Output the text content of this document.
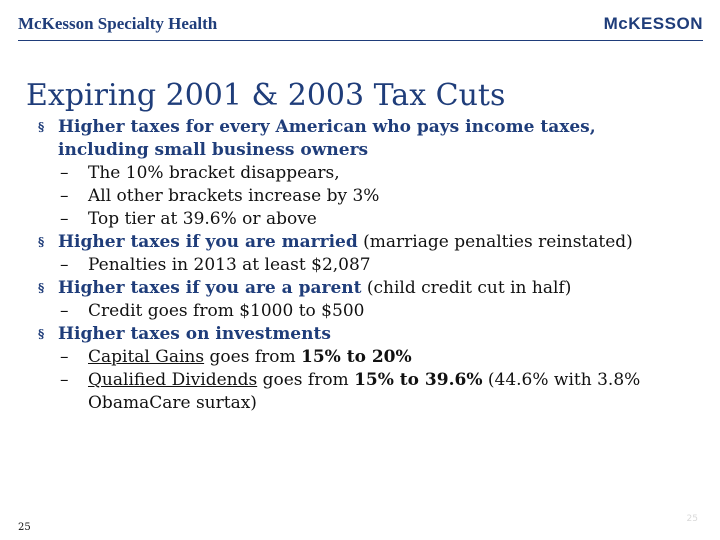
McKesson Specialty Health	McKESSON
Expiring 2001 & 2003 Tax Cuts
§ Higher taxes for every American who pays income taxes, including small business owners
– The 10% bracket disappears,
– All other brackets increase by 3%
– Top tier at 39.6% or above
§ Higher taxes if you are married (marriage penalties reinstated)
– Penalties in 2013 at least $2,087
§ Higher taxes if you are a parent (child credit cut in half)
– Credit goes from $1000 to $500
§ Higher taxes on investments
– Capital Gains goes from 15% to 20%
– Qualified Dividends goes from 15% to 39.6% (44.6% with 3.8% ObamaCare surtax)
25
25
